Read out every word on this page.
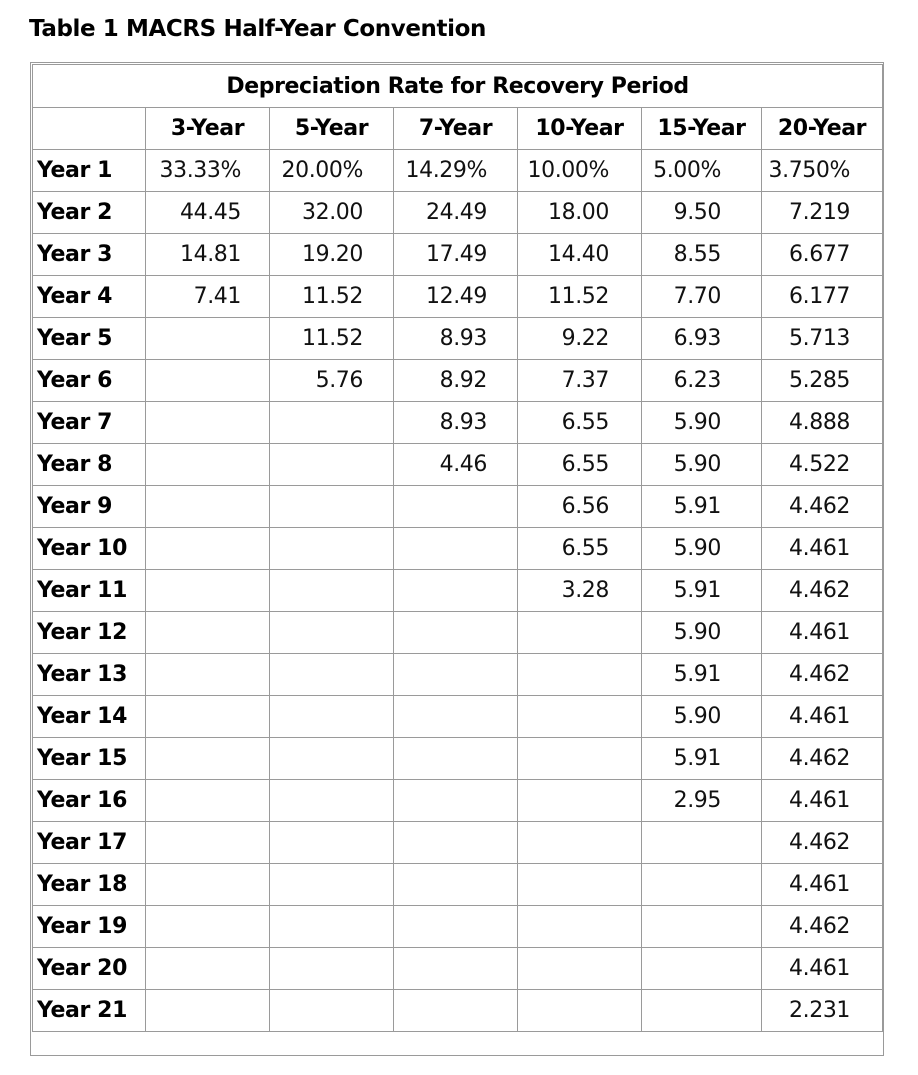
Table 1 MACRS Half-Year Convention
Depreciation Rate for Recovery Period						
	3-Year	5-Year	7-Year	10-Year	15-Year	20-Year
Year 1	33.33%	20.00%	14.29%	10.00%	5.00%	3.750%
Year 2	44.45	32.00	24.49	18.00	9.50	7.219
Year 3	14.81	19.20	17.49	14.40	8.55	6.677
Year 4	7.41	11.52	12.49	11.52	7.70	6.177
Year 5		11.52	8.93	9.22	6.93	5.713
Year 6		5.76	8.92	7.37	6.23	5.285
Year 7			8.93	6.55	5.90	4.888
Year 8			4.46	6.55	5.90	4.522
Year 9				6.56	5.91	4.462
Year 10				6.55	5.90	4.461
Year 11				3.28	5.91	4.462
Year 12					5.90	4.461
Year 13					5.91	4.462
Year 14					5.90	4.461
Year 15					5.91	4.462
Year 16					2.95	4.461
Year 17						4.462
Year 18						4.461
Year 19						4.462
Year 20						4.461
Year 21						2.231
